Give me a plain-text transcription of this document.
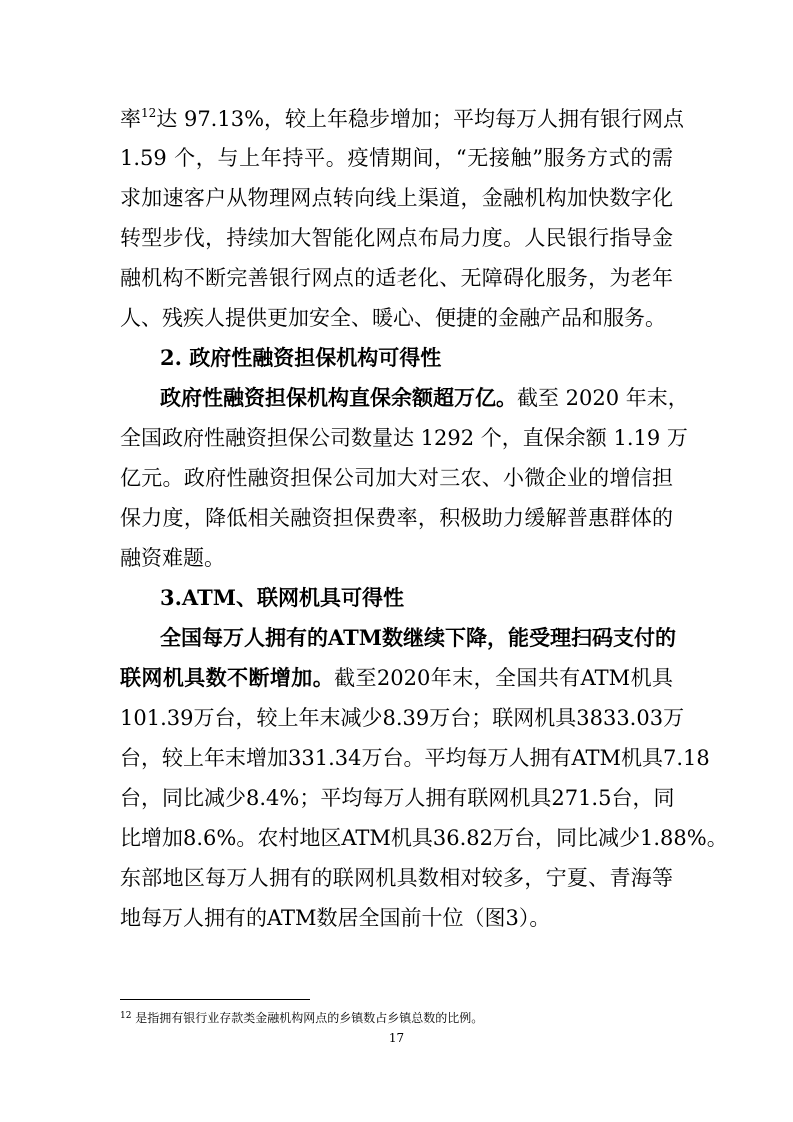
率$^{12}$达 97.13%，较上年稳步增加；平均每万人拥有银行网点
1.59 个，与上年持平。疫情期间，“无接触”服务方式的需
求加速客户从物理网点转向线上渠道，金融机构加快数字化
转型步伐，持续加大智能化网点布局力度。人民银行指导金
融机构不断完善银行网点的适老化、无障碍化服务，为老年
人、残疾人提供更加安全、暖心、便捷的金融产品和服务。
2. 政府性融资担保机构可得性
政府性融资担保机构直保余额超万亿。截至 2020 年末，
全国政府性融资担保公司数量达 1292 个，直保余额 1.19 万
亿元。政府性融资担保公司加大对三农、小微企业的增信担
保力度，降低相关融资担保费率，积极助力缓解普惠群体的
融资难题。
3.ATM、联网机具可得性
全国每万人拥有的ATM数继续下降，能受理扫码支付的
联网机具数不断增加。截至2020年末，全国共有ATM机具
101.39万台，较上年末减少8.39万台；联网机具3833.03万
台，较上年末增加331.34万台。平均每万人拥有ATM机具7.18
台，同比减少8.4%；平均每万人拥有联网机具271.5台，同
比增加8.6%。农村地区ATM机具36.82万台，同比减少1.88%。
东部地区每万人拥有的联网机具数相对较多，宁夏、青海等
地每万人拥有的ATM数居全国前十位（图3）。
$^{12}$ 是指拥有银行业存款类金融机构网点的乡镇数占乡镇总数的比例。
17
